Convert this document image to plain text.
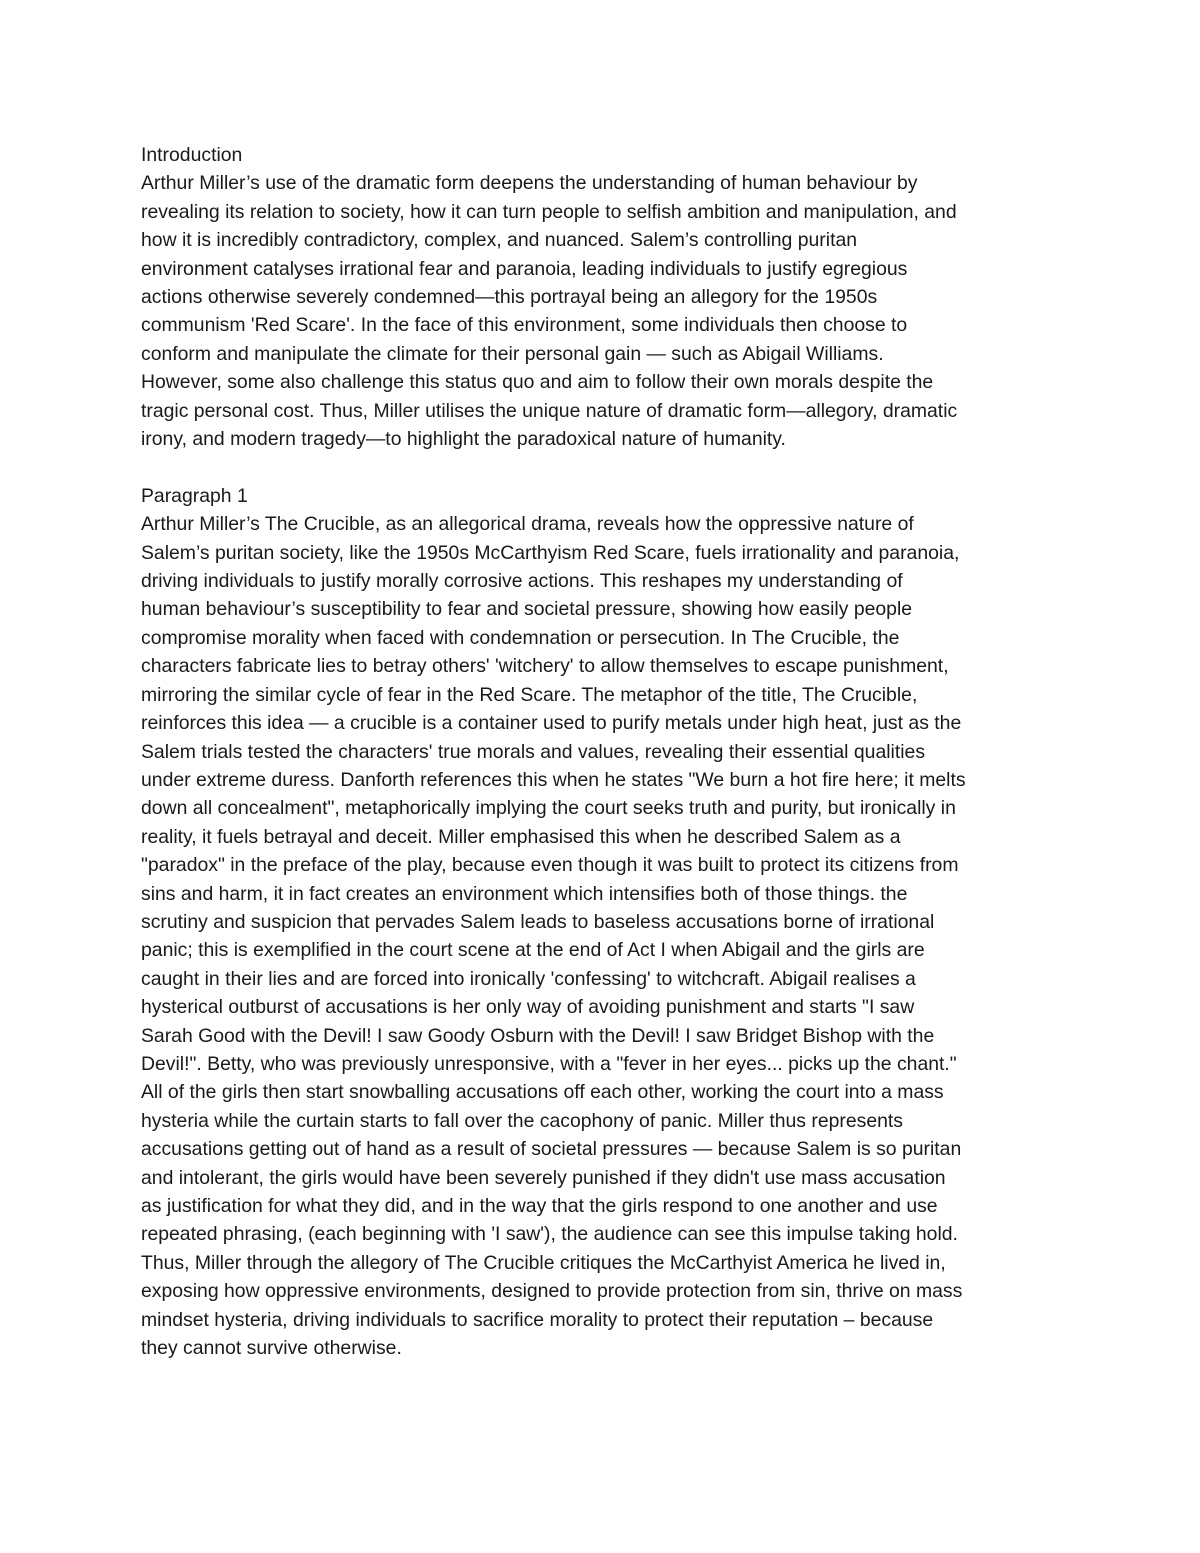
Introduction
Arthur Miller’s use of the dramatic form deepens the understanding of human behaviour by
revealing its relation to society, how it can turn people to selfish ambition and manipulation, and
how it is incredibly contradictory, complex, and nuanced. Salem’s controlling puritan
environment catalyses irrational fear and paranoia, leading individuals to justify egregious
actions otherwise severely condemned—this portrayal being an allegory for the 1950s
communism 'Red Scare'. In the face of this environment, some individuals then choose to
conform and manipulate the climate for their personal gain — such as Abigail Williams.
However, some also challenge this status quo and aim to follow their own morals despite the
tragic personal cost. Thus, Miller utilises the unique nature of dramatic form—allegory, dramatic
irony, and modern tragedy—to highlight the paradoxical nature of humanity.
Paragraph 1
Arthur Miller’s The Crucible, as an allegorical drama, reveals how the oppressive nature of
Salem’s puritan society, like the 1950s McCarthyism Red Scare, fuels irrationality and paranoia,
driving individuals to justify morally corrosive actions. This reshapes my understanding of
human behaviour’s susceptibility to fear and societal pressure, showing how easily people
compromise morality when faced with condemnation or persecution. In The Crucible, the
characters fabricate lies to betray others' 'witchery' to allow themselves to escape punishment,
mirroring the similar cycle of fear in the Red Scare. The metaphor of the title, The Crucible,
reinforces this idea — a crucible is a container used to purify metals under high heat, just as the
Salem trials tested the characters' true morals and values, revealing their essential qualities
under extreme duress. Danforth references this when he states "We burn a hot fire here; it melts
down all concealment", metaphorically implying the court seeks truth and purity, but ironically in
reality, it fuels betrayal and deceit. Miller emphasised this when he described Salem as a
"paradox" in the preface of the play, because even though it was built to protect its citizens from
sins and harm, it in fact creates an environment which intensifies both of those things. the
scrutiny and suspicion that pervades Salem leads to baseless accusations borne of irrational
panic; this is exemplified in the court scene at the end of Act I when Abigail and the girls are
caught in their lies and are forced into ironically 'confessing' to witchcraft. Abigail realises a
hysterical outburst of accusations is her only way of avoiding punishment and starts "I saw
Sarah Good with the Devil! I saw Goody Osburn with the Devil! I saw Bridget Bishop with the
Devil!". Betty, who was previously unresponsive, with a "fever in her eyes... picks up the chant."
All of the girls then start snowballing accusations off each other, working the court into a mass
hysteria while the curtain starts to fall over the cacophony of panic. Miller thus represents
accusations getting out of hand as a result of societal pressures — because Salem is so puritan
and intolerant, the girls would have been severely punished if they didn't use mass accusation
as justification for what they did, and in the way that the girls respond to one another and use
repeated phrasing, (each beginning with 'I saw'), the audience can see this impulse taking hold.
Thus, Miller through the allegory of The Crucible critiques the McCarthyist America he lived in,
exposing how oppressive environments, designed to provide protection from sin, thrive on mass
mindset hysteria, driving individuals to sacrifice morality to protect their reputation – because
they cannot survive otherwise.
